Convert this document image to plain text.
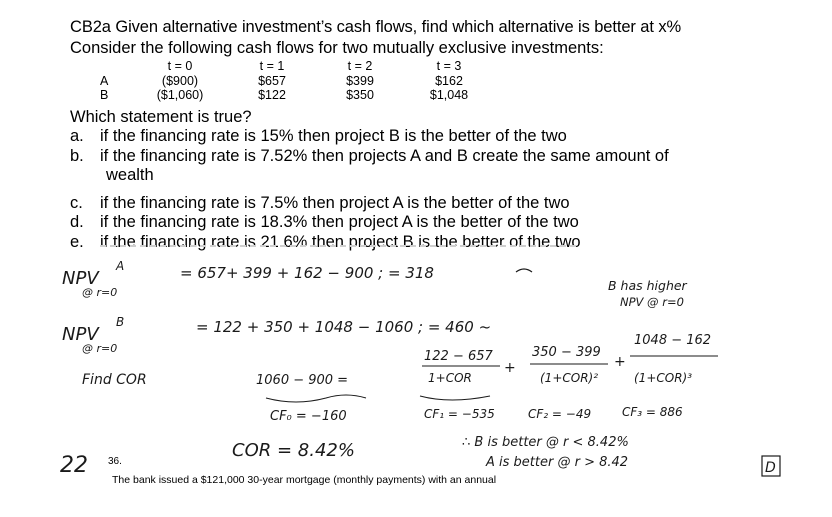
CB2a Given alternative investment’s cash flows, find which alternative is better at x%
Consider the following cash flows for two mutually exclusive investments:
	t = 0	t = 1	t = 2	t = 3
A	($900)	$657	$399	$162
B	($1,060)	$122	$350	$1,048
Which statement is true?
a. if the financing rate is 15% then project B is the better of the two
b. if the financing rate is 7.52% then projects A and B create the same amount of
wealth
c. if the financing rate is 7.5% then project A is the better of the two
d. if the financing rate is 18.3% then project A is the better of the two
e. if the financing rate is 21.6% then project B is the better of the two
NPV
A
@ r=0
= 657+ 399 + 162 − 900 ; = 318
NPV
B
@ r=0
= 122 + 350 + 1048 − 1060 ; = 460 ~
B has higher
NPV @ r=0
Find COR	1060 − 900 =
122 − 657
1+COR
+
350 − 399
(1+COR)²
+
1048 − 162
(1+COR)³
CF₀ = −160	CF₁ = −535	CF₂ = −49	CF₃ = 886
COR = 8.42%	∴ B is better @ r < 8.42%
A is better @ r > 8.42	D
22 36.
The bank issued a $121,000 30-year mortgage (monthly payments) with an annual
